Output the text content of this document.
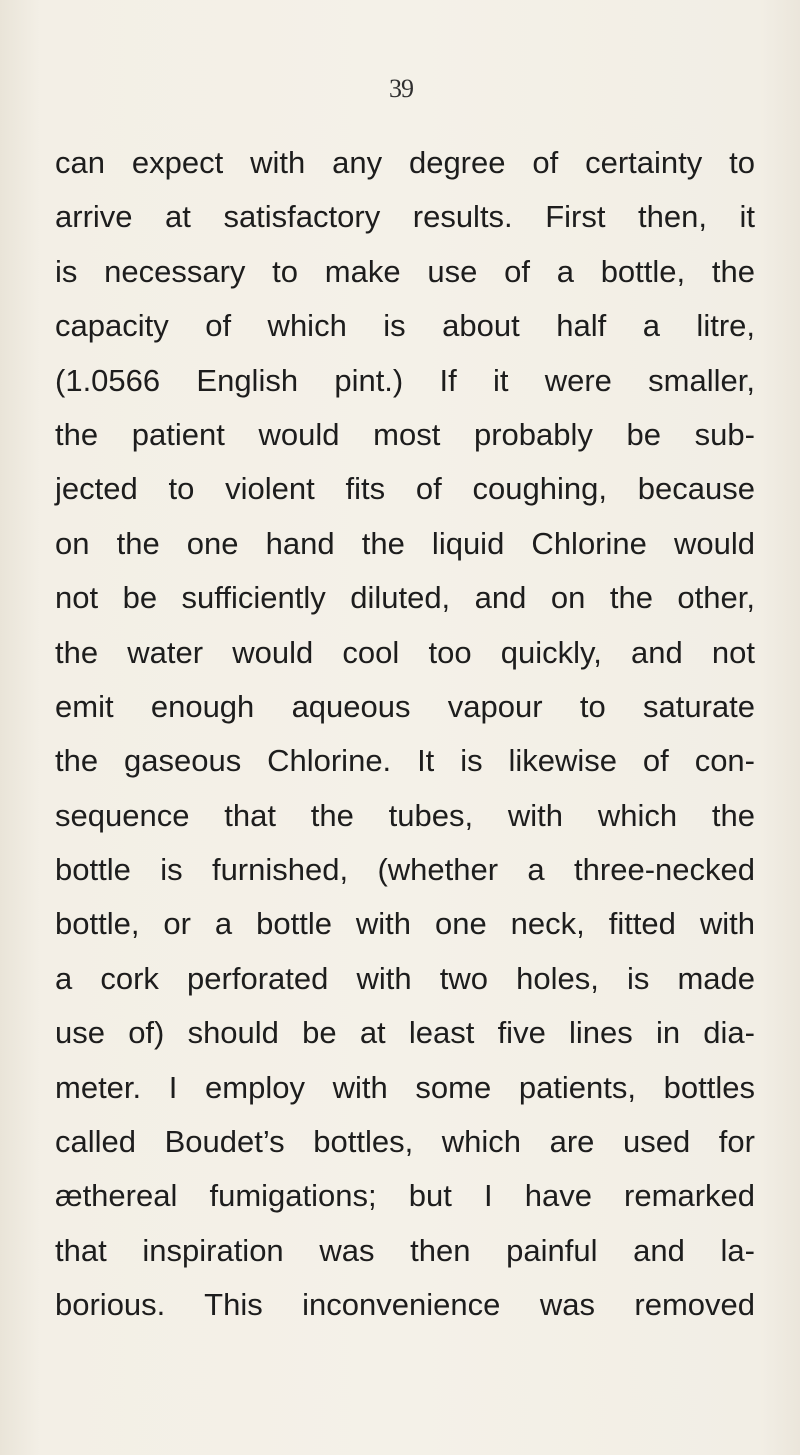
39
can expect with any degree of certainty to
arrive at satisfactory results. First then, it
is necessary to make use of a bottle, the
capacity of which is about half a litre,
(1.0566 English pint.) If it were smaller,
the patient would most probably be sub-
jected to violent fits of coughing, because
on the one hand the liquid Chlorine would
not be sufficiently diluted, and on the other,
the water would cool too quickly, and not
emit enough aqueous vapour to saturate
the gaseous Chlorine. It is likewise of con-
sequence that the tubes, with which the
bottle is furnished, (whether a three-necked
bottle, or a bottle with one neck, fitted with
a cork perforated with two holes, is made
use of) should be at least five lines in dia-
meter. I employ with some patients, bottles
called Boudet’s bottles, which are used for
æthereal fumigations; but I have remarked
that inspiration was then painful and la-
borious. This inconvenience was removed
